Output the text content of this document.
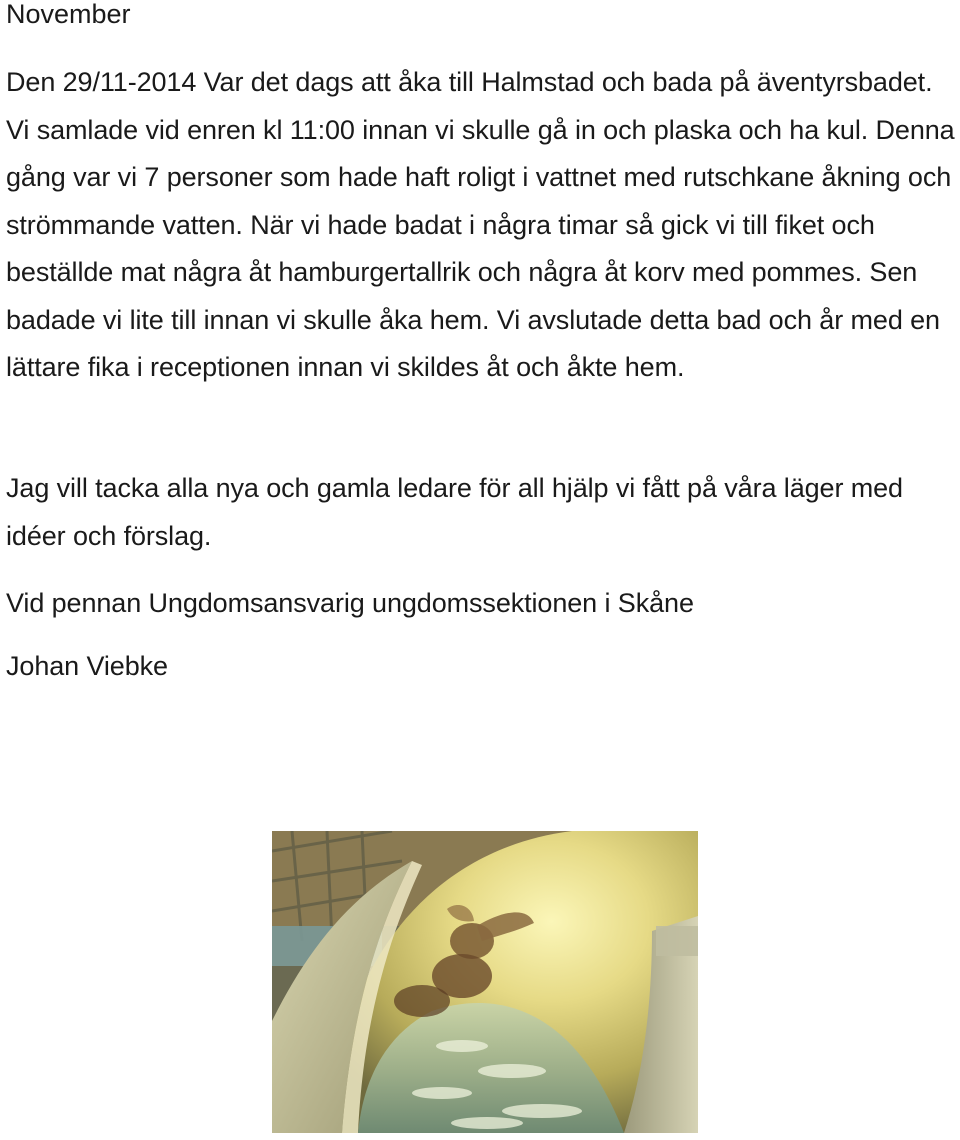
November

Den 29/11-2014 Var det dags att åka till Halmstad och bada på äventyrsbadet. Vi samlade vid enren kl 11:00 innan vi skulle gå in och plaska och ha kul. Denna gång var vi 7 personer som hade haft roligt i vattnet med rutschkane åkning och strömmande vatten. När vi hade badat i några timar så gick vi till fiket och beställde mat några åt hamburgertallrik och några åt korv med pommes. Sen badade vi lite till innan vi skulle åka hem. Vi avslutade detta bad och år med en lättare fika i receptionen innan vi skildes åt och åkte hem.

Jag vill tacka alla nya och gamla ledare för all hjälp vi fått på våra läger med idéer och förslag.

Vid pennan Ungdomsansvarig ungdomssektionen i Skåne

Johan Viebke
